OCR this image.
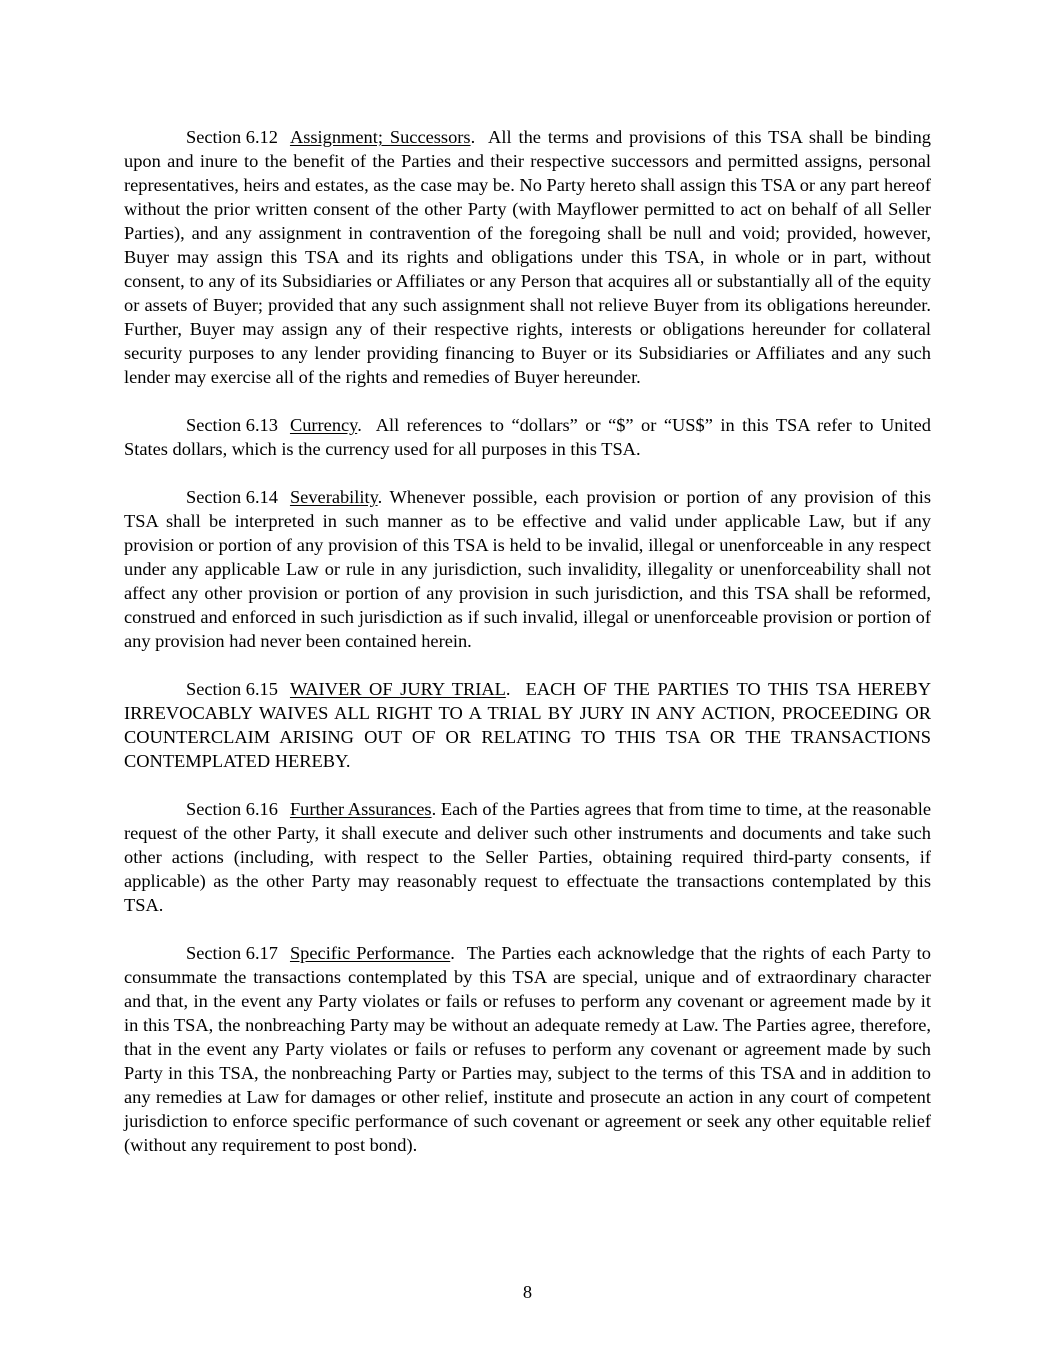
Section 6.12 Assignment; Successors.  All the terms and provisions of this TSA shall be binding upon and inure to the benefit of the Parties and their respective successors and permitted assigns, personal representatives, heirs and estates, as the case may be. No Party hereto shall assign this TSA or any part hereof without the prior written consent of the other Party (with Mayflower permitted to act on behalf of all Seller Parties), and any assignment in contravention of the foregoing shall be null and void; provided, however, Buyer may assign this TSA and its rights and obligations under this TSA, in whole or in part, without consent, to any of its Subsidiaries or Affiliates or any Person that acquires all or substantially all of the equity or assets of Buyer; provided that any such assignment shall not relieve Buyer from its obligations hereunder. Further, Buyer may assign any of their respective rights, interests or obligations hereunder for collateral security purposes to any lender providing financing to Buyer or its Subsidiaries or Affiliates and any such lender may exercise all of the rights and remedies of Buyer hereunder.

Section 6.13 Currency.  All references to “dollars” or “$” or “US$” in this TSA refer to United States dollars, which is the currency used for all purposes in this TSA.

Section 6.14 Severability. Whenever possible, each provision or portion of any provision of this TSA shall be interpreted in such manner as to be effective and valid under applicable Law, but if any provision or portion of any provision of this TSA is held to be invalid, illegal or unenforceable in any respect under any applicable Law or rule in any jurisdiction, such invalidity, illegality or unenforceability shall not affect any other provision or portion of any provision in such jurisdiction, and this TSA shall be reformed, construed and enforced in such jurisdiction as if such invalid, illegal or unenforceable provision or portion of any provision had never been contained herein.

Section 6.15 WAIVER OF JURY TRIAL.  EACH OF THE PARTIES TO THIS TSA HEREBY IRREVOCABLY WAIVES ALL RIGHT TO A TRIAL BY JURY IN ANY ACTION, PROCEEDING OR COUNTERCLAIM ARISING OUT OF OR RELATING TO THIS TSA OR THE TRANSACTIONS CONTEMPLATED HEREBY.

Section 6.16 Further Assurances. Each of the Parties agrees that from time to time, at the reasonable request of the other Party, it shall execute and deliver such other instruments and documents and take such other actions (including, with respect to the Seller Parties, obtaining required third-party consents, if applicable) as the other Party may reasonably request to effectuate the transactions contemplated by this TSA.

Section 6.17 Specific Performance.  The Parties each acknowledge that the rights of each Party to consummate the transactions contemplated by this TSA are special, unique and of extraordinary character and that, in the event any Party violates or fails or refuses to perform any covenant or agreement made by it in this TSA, the nonbreaching Party may be without an adequate remedy at Law. The Parties agree, therefore, that in the event any Party violates or fails or refuses to perform any covenant or agreement made by such Party in this TSA, the nonbreaching Party or Parties may, subject to the terms of this TSA and in addition to any remedies at Law for damages or other relief, institute and prosecute an action in any court of competent jurisdiction to enforce specific performance of such covenant or agreement or seek any other equitable relief (without any requirement to post bond).

8
